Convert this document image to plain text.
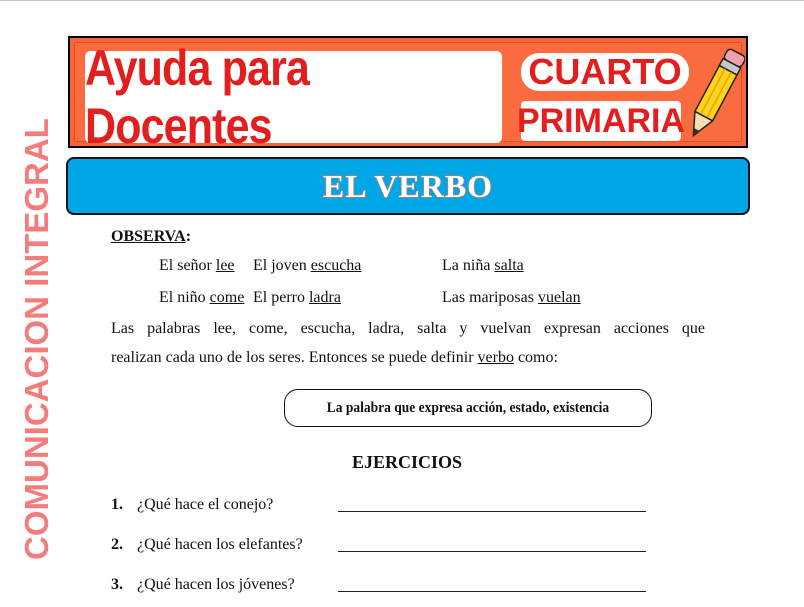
Ayuda para Docentes
CUARTO
PRIMARIA
EL VERBO
COMUNICACION INTEGRAL	OBSERVA:
El señor lee El joven escucha	La niña salta
El niño come El perro ladra	Las mariposas vuelan
Las palabras lee, come, escucha, ladra, salta y vuelvan expresan acciones que
realizan cada uno de los seres. Entonces se puede definir verbo como:
La palabra que expresa acción, estado, existencia
EJERCICIOS
1. ¿Qué hace el conejo?
2. ¿Qué hacen los elefantes?
3. ¿Qué hacen los jóvenes?
